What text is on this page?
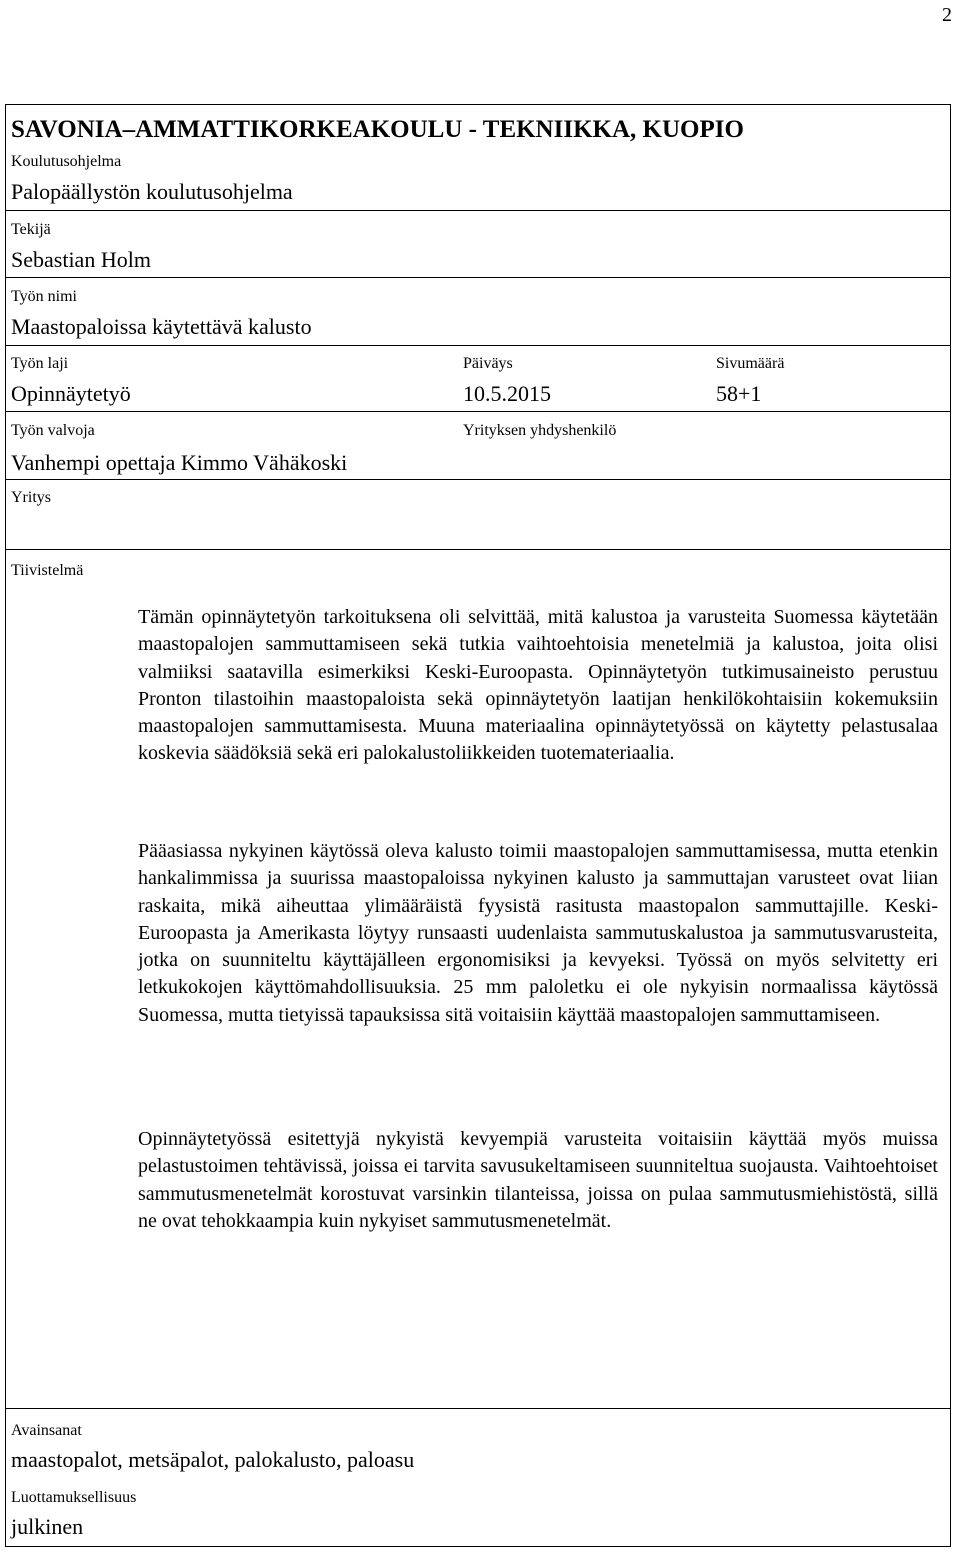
2
SAVONIA–AMMATTIKORKEAKOULU - TEKNIIKKA, KUOPIO
Koulutusohjelma
Palopäällystön koulutusohjelma
Tekijä
Sebastian Holm
Työn nimi
Maastopaloissa käytettävä kalusto
Työn laji
Opinnäytetyö
Päiväys
10.5.2015
Sivumäärä
58+1
Työn valvoja
Vanhempi opettaja Kimmo Vähäkoski
Yrityksen yhdyshenkilö
Yritys
Tiivistelmä

Tämän opinnäytetyön tarkoituksena oli selvittää, mitä kalustoa ja varusteita Suomessa käytetään maastopalojen sammuttamiseen sekä tutkia vaihtoehtoisia menetelmiä ja kalustoa, joita olisi valmiiksi saatavilla esimerkiksi Keski-Euroopasta. Opinnäytetyön tutkimusaineisto perustuu Pronton tilastoihin maastopaloista sekä opinnäytetyön laatijan henkilökohtaisiin kokemuksiin maastopalojen sammuttamisesta. Muuna materiaalina opinnäytetyössä on käytetty pelastusalaa koskevia säädöksiä sekä eri palokalustoliikkeiden tuotemateriaalia.

Pääasiassa nykyinen käytössä oleva kalusto toimii maastopalojen sammuttamisessa, mutta etenkin hankalimmissa ja suurissa maastopaloissa nykyinen kalusto ja sammuttajan varusteet ovat liian raskaita, mikä aiheuttaa ylimääräistä fyysistä rasitusta maastopalon sammuttajille. Keski-Euroopasta ja Amerikasta löytyy runsaasti uudenlaista sammutuskalustoa ja sammutusvarusteita, jotka on suunniteltu käyttäjälleen ergonomisiksi ja kevyeksi. Työssä on myös selvitetty eri letkukokojen käyttömahdollisuuksia. 25 mm paloletku ei ole nykyisin normaalissa käytössä Suomessa, mutta tietyissä tapauksissa sitä voitaisiin käyttää maastopalojen sammuttamiseen.

Opinnäytetyössä esitettyjä nykyistä kevyempiä varusteita voitaisiin käyttää myös muissa pelastustoimen tehtävissä, joissa ei tarvita savusukeltamiseen suunniteltua suojausta. Vaihtoehtoiset sammutusmenetelmät korostuvat varsinkin tilanteissa, joissa on pulaa sammutusmiehistöstä, sillä ne ovat tehokkaampia kuin nykyiset sammutusmenetelmät.

Avainsanat
maastopalot, metsäpalot, palokalusto, paloasu
Luottamuksellisuus
julkinen
